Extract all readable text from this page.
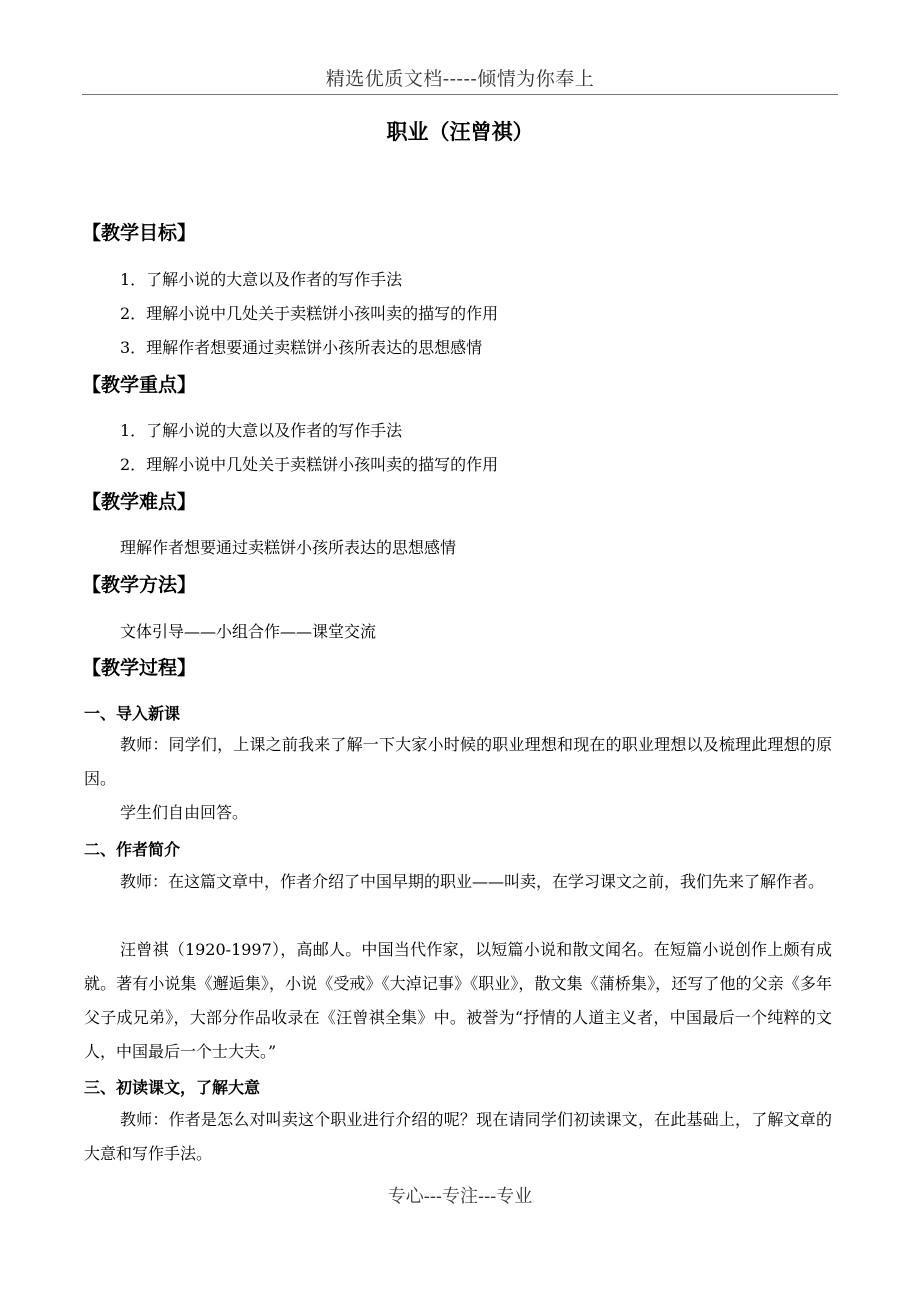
精选优质文档-----倾情为你奉上
职业（汪曾祺）
【教学目标】
1．了解小说的大意以及作者的写作手法
2．理解小说中几处关于卖糕饼小孩叫卖的描写的作用
3．理解作者想要通过卖糕饼小孩所表达的思想感情
【教学重点】
1．了解小说的大意以及作者的写作手法
2．理解小说中几处关于卖糕饼小孩叫卖的描写的作用
【教学难点】
理解作者想要通过卖糕饼小孩所表达的思想感情
【教学方法】
文体引导——小组合作——课堂交流
【教学过程】
一、导入新课
教师：同学们，上课之前我来了解一下大家小时候的职业理想和现在的职业理想以及梳理此理想的原因。
学生们自由回答。
二、作者简介
教师：在这篇文章中，作者介绍了中国早期的职业——叫卖，在学习课文之前，我们先来了解作者。
汪曾祺（1920-1997），高邮人。中国当代作家，以短篇小说和散文闻名。在短篇小说创作上颇有成就。著有小说集《邂逅集》，小说《受戒》《大淖记事》《职业》，散文集《蒲桥集》，还写了他的父亲《多年父子成兄弟》，大部分作品收录在《汪曾祺全集》中。被誉为“抒情的人道主义者，中国最后一个纯粹的文人，中国最后一个士大夫。”
三、初读课文，了解大意
教师：作者是怎么对叫卖这个职业进行介绍的呢？现在请同学们初读课文，在此基础上，了解文章的大意和写作手法。
专心---专注---专业
